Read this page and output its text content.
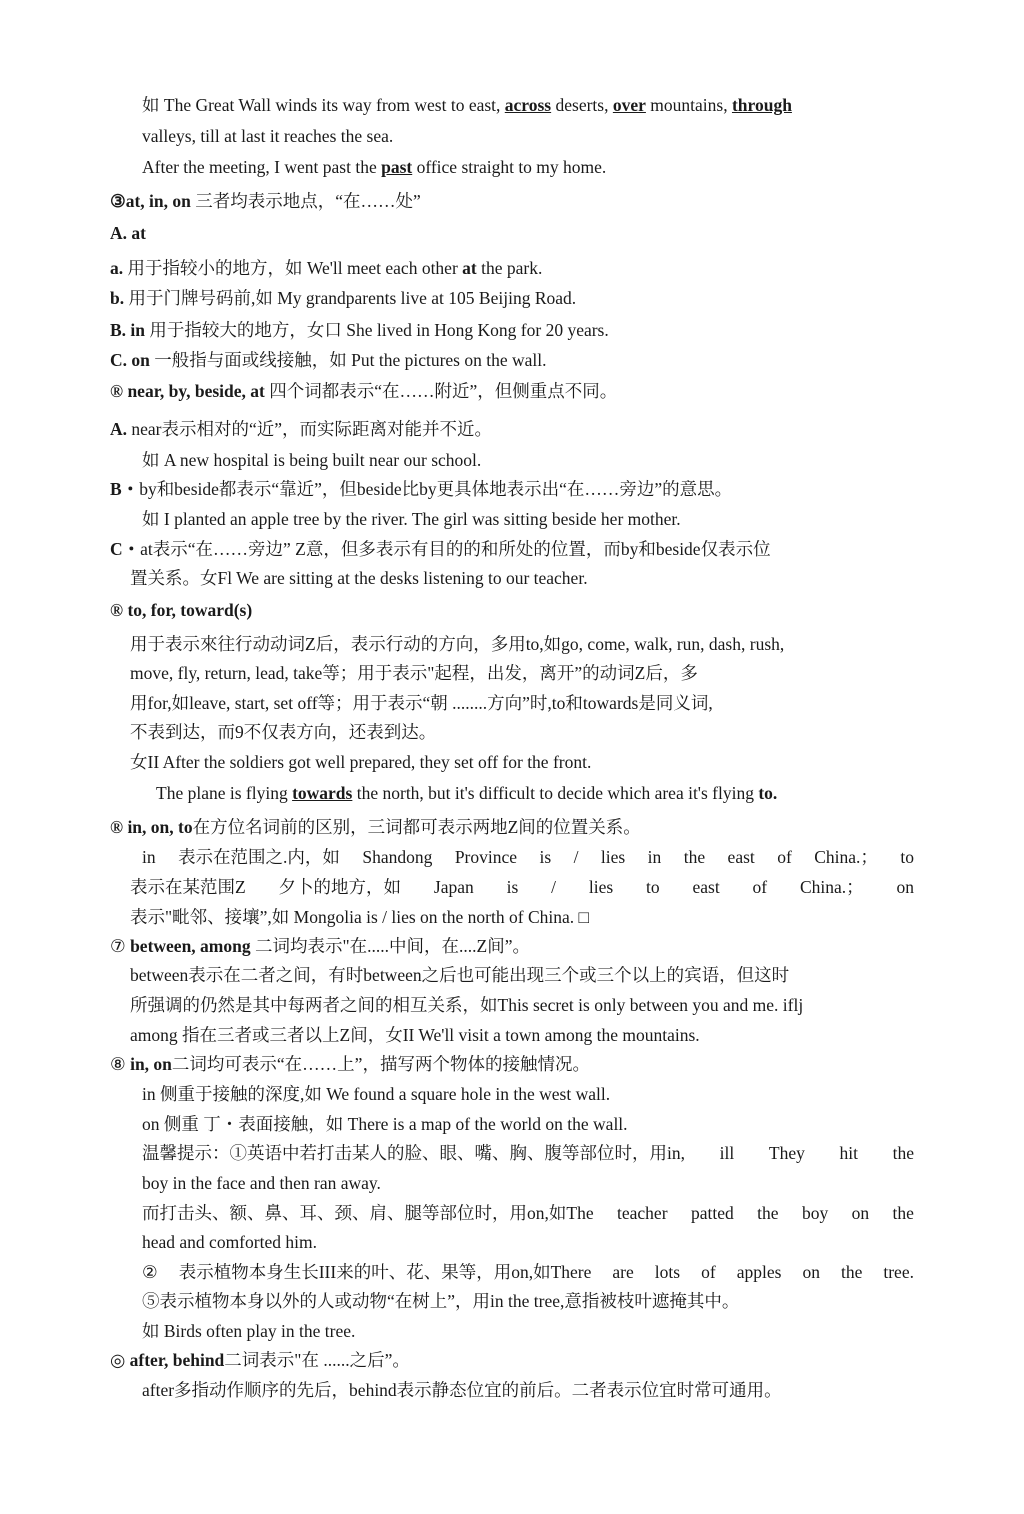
如 The Great Wall winds its way from west to east, across deserts, over mountains, through
valleys, till at last it reaches the sea.
After the meeting, I went past the past office straight to my home.
③at, in, on 三者均表示地点，“在……处”
A. at
a. 用于指较小的地方，如 We'll meet each other at the park.
b. 用于门牌号码前,如 My grandparents live at 105 Beijing Road.
B. in 用于指较大的地方，女口 She lived in Hong Kong for 20 years.
C. on 一般指与面或线接触，如 Put the pictures on the wall.
® near, by, beside, at 四个词都表示“在……附近”，但侧重点不同。
A. near表示相对的“近”，而实际距离对能并不近。
如 A new hospital is being built near our school.
B・by和beside都表示“靠近”，但beside比by更具体地表示出“在……旁边”的意思。
如 I planted an apple tree by the river. The girl was sitting beside her mother.
C・at表示“在……旁边” Z意，但多表示有目的的和所处的位置，而by和beside仅表示位
置关系。女Fl We are sitting at the desks listening to our teacher.
® to, for, toward(s)
用于表示來往行动动词Z后，表示行动的方向，多用to,如go, come, walk, run, dash, rush,
move, fly, return, lead, take等；用于表示"起程，出发，离开”的动词Z后，多
用for,如leave, start, set off等；用于表示“朝 ........方向”时,to和towards是同义词,
不表到达，而9不仅表方向，还表到达。
女II After the soldiers got well prepared, they set off for the front.
The plane is flying towards the north, but it's difficult to decide which area it's flying to.
® in, on, to在方位名词前的区别，三词都可表示两地Z间的位置关系。
in 表示在范围之.内，如 Shandong Province is / lies in the east of China.； to
表示在某范围Z 夕卜的地方，如 Japan is / lies to east of China.； on
表示"毗邻、接壤”,如 Mongolia is / lies on the north of China. □
⑦ between, among 二词均表示"在.....中间，在....Z间”。
between表示在二者之间，有时between之后也可能出现三个或三个以上的宾语，但这时
所强调的仍然是其中每两者之间的相互关系，如This secret is only between you and me. iflj
among 指在三者或三者以上Z间，女II We'll visit a town among the mountains.
⑧ in, on二词均可表示“在……上”，描写两个物体的接触情况。
in 侧重于接触的深度,如 We found a square hole in the west wall.
on 侧重 丁・表面接触，如 There is a map of the world on the wall.
温馨提示：①英语中若打击某人的脸、眼、嘴、胸、腹等部位时，用in, ill They hit the
boy in the face and then ran away.
而打击头、额、鼻、耳、颈、肩、腿等部位时，用on,如The teacher patted the boy on the
head and comforted him.
② 表示植物本身生长III来的叶、花、果等，用on,如There are lots of apples on the tree.
⑤表示植物本身以外的人或动物“在树上”，用in the tree,意指被枝叶遮掩其中。
如 Birds often play in the tree.
◎ after, behind二词表示"在 ......之后”。
after多指动作顺序的先后，behind表示静态位宜的前后。二者表示位宜时常可通用。
